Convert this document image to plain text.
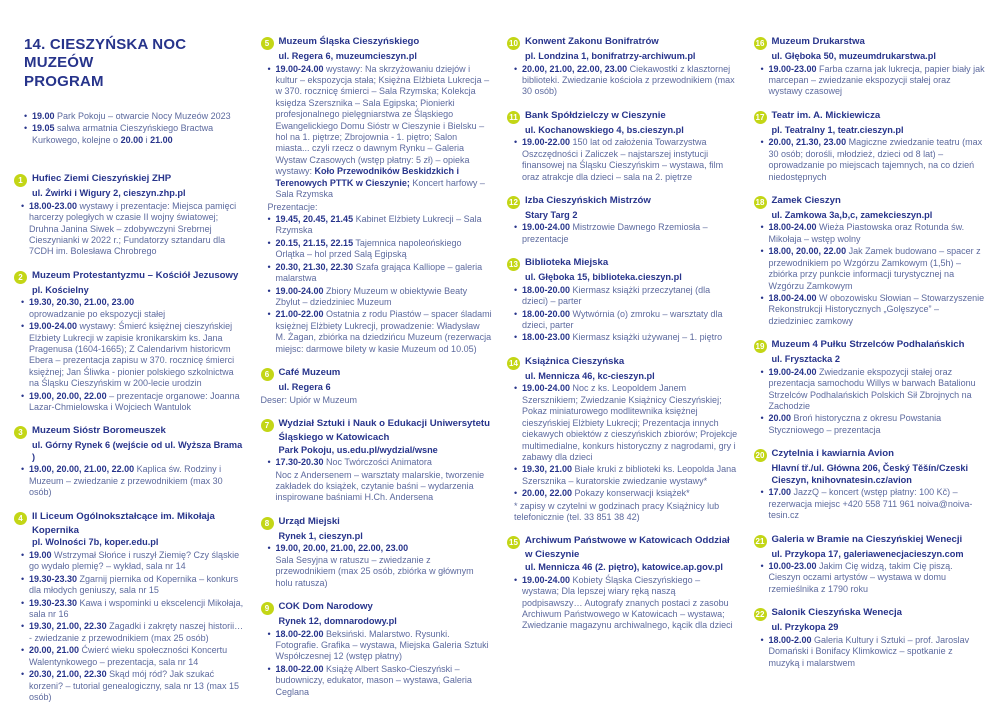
14. CIESZYŃSKA NOC MUZEÓW
PROGRAM
• 19.00 Park Pokoju – otwarcie Nocy Muzeów 2023
• 19.05 salwa armatnia Cieszyńskiego Bractwa Kurkowego, kolejne o 20.00 i 21.00
1 Hufiec Ziemi Cieszyńskiej ZHP
ul. Żwirki i Wigury 2, cieszyn.zhp.pl
• 18.00-23.00 wystawy i prezentacje: Miejsca pamięci harcerzy poległych w czasie II wojny światowej; Druhna Janina Siwek – zdobywczyni Srebrnej Cieszynianki w 2022 r.; Fundatorzy sztandaru dla 7CDH im. Bolesława Chrobrego
2 Muzeum Protestantyzmu – Kościół Jezusowy
pl. Kościelny
• 19.30, 20.30, 21.00, 23.00
oprowadzanie po ekspozycji stałej
• 19.00-24.00 wystawy: Śmierć księżnej cieszyńskiej Elżbiety Lukrecji w zapisie kronikarskim ks. Jana Pragenusa (1604-1665); Z Calendarivm historicvm Ebera – prezentacja zapisu w 370. rocznicę śmierci księżnej; Jan Śliwka - pionier polskiego szkolnictwa na Śląsku Cieszyńskim w 200-lecie urodzin
• 19.00, 20.00, 22.00 – prezentacje organowe: Joanna Lazar-Chmielowska i Wojciech Wantulok
3 Muzeum Sióstr Boromeuszek
ul. Górny Rynek 6 (wejście od ul. Wyższa Brama )
• 19.00, 20.00, 21.00, 22.00 Kaplica św. Rodziny i Muzeum – zwiedzanie z przewodnikiem (max 30 osób)
4 II Liceum Ogólnokształcące im. Mikołaja Kopernika
pl. Wolności 7b, koper.edu.pl
• 19.00 Wstrzymał Słońce i ruszył Ziemię? Czy śląskie go wydało plemię? – wykład, sala nr 14
• 19.30-23.30 Zgarnij piernika od Kopernika – konkurs dla młodych geniuszy, sala nr 15
• 19.30-23.30 Kawa i wspominki u ekscelencji Mikołaja, sala nr 16
• 19.30, 21.00, 22.30 Zagadki i zakręty naszej historii… - zwiedzanie z przewodnikiem (max 25 osób)
• 20.00, 21.00 Ćwierć wieku społeczności Koncertu Walentynkowego – prezentacja, sala nr 14
• 20.30, 21.00, 22.30 Skąd mój ród? Jak szukać korzeni? – tutorial genealogiczny, sala nr 13 (max 15 osób)
5 Muzeum Śląska Cieszyńskiego
ul. Regera 6, muzeumcieszyn.pl
• 19.00-24.00 wystawy: Na skrzyżowaniu dziejów i kultur – ekspozycja stała; Księżna Elżbieta Lukrecja – w 370. rocznicę śmierci – Sala Rzymska; Kolekcja księdza Szersznika – Sala Egipska; Pionierki profesjonalnego pielęgniarstwa ze Śląskiego Ewangelickiego Domu Sióstr w Cieszynie i Bielsku – hol na 1. piętrze; Zbrojownia - 1. piętro; Salon miasta... czyli rzecz o dawnym Rynku – Galeria Wystaw Czasowych (wstęp płatny: 5 zł) – opieka wystawy: Koło Przewodników Beskidzkich i Terenowych PTTK w Cieszynie; Koncert harfowy – Sala Rzymska
Prezentacje:
• 19.45, 20.45, 21.45 Kabinet Elżbiety Lukrecji – Sala Rzymska
• 20.15, 21.15, 22.15 Tajemnica napoleońskiego Orlątka – hol przed Salą Egipską
• 20.30, 21.30, 22.30 Szafa grająca Kalliope – galeria malarstwa
• 19.00-24.00 Zbiory Muzeum w obiektywie Beaty Zbylut – dziedziniec Muzeum
• 21.00-22.00 Ostatnia z rodu Piastów – spacer śladami księżnej Elżbiety Lukrecji, prowadzenie: Władysław M. Żagan, zbiórka na dziedzińcu Muzeum (rezerwacja miejsc: darmowe bilety w kasie Muzeum od 10.05)
6 Café Muzeum
ul. Regera 6
Deser: Upiór w Muzeum
7 Wydział Sztuki i Nauk o Edukacji Uniwersytetu Śląskiego w Katowicach
Park Pokoju, us.edu.pl/wydzial/wsne
• 17.30-20.30 Noc Twórczości Animatora
Noc z Andersenem – warsztaty malarskie, tworzenie zakładek do książek, czytanie baśni – wydarzenia inspirowane baśniami H.Ch. Andersena
8 Urząd Miejski
Rynek 1, cieszyn.pl
• 19.00, 20.00, 21.00, 22.00, 23.00
Sala Sesyjna w ratuszu – zwiedzanie z przewodnikiem (max 25 osób, zbiórka w głównym holu ratusza)
9 COK Dom Narodowy
Rynek 12, domnarodowy.pl
• 18.00-22.00 Beksiński. Malarstwo. Rysunki. Fotografie. Grafika – wystawa, Miejska Galeria Sztuki Współczesnej 12 (wstęp płatny)
• 18.00-22.00 Książę Albert Sasko-Cieszyński – budowniczy, edukator, mason – wystawa, Galeria Ceglana
10 Konwent Zakonu Bonifratrów
pl. Londzina 1, bonifratrzy-archiwum.pl
• 20.00, 21.00, 22.00, 23.00 Ciekawostki z klasztornej biblioteki. Zwiedzanie kościoła z przewodnikiem (max 30 osób)
11 Bank Spółdzielczy w Cieszynie
ul. Kochanowskiego 4, bs.cieszyn.pl
• 19.00-22.00 150 lat od założenia Towarzystwa Oszczędności i Zaliczek – najstarszej instytucji finansowej na Śląsku Cieszyńskim – wystawa, film oraz atrakcje dla dzieci – sala na 2. piętrze
12 Izba Cieszyńskich Mistrzów
Stary Targ 2
• 19.00-24.00 Mistrzowie Dawnego Rzemiosła – prezentacje
13 Biblioteka Miejska
ul. Głęboka 15, biblioteka.cieszyn.pl
• 18.00-20.00 Kiermasz książki przeczytanej (dla dzieci) – parter
• 18.00-20.00 Wytwórnia (o) zmroku – warsztaty dla dzieci, parter
• 18.00-23.00 Kiermasz książki używanej – 1. piętro
14 Książnica Cieszyńska
ul. Mennicza 46, kc-cieszyn.pl
• 19.00-24.00 Noc z ks. Leopoldem Janem Szersznikiem; Zwiedzanie Książnicy Cieszyńskiej; Pokaz miniaturowego modlitewnika księżnej cieszyńskiej Elżbiety Lukrecji; Prezentacja innych ciekawych obiektów z cieszyńskich zbiorów; Projekcje multimedialne, konkurs historyczny z nagrodami, gry i zabawy dla dzieci
• 19.30, 21.00 Białe kruki z biblioteki ks. Leopolda Jana Szersznika – kuratorskie zwiedzanie wystawy*
• 20.00, 22.00 Pokazy konserwacji książek*
* zapisy w czytelni w godzinach pracy Książnicy lub telefonicznie (tel. 33 851 38 42)
15 Archiwum Państwowe w Katowicach Oddział w Cieszynie
ul. Mennicza 46 (2. piętro), katowice.ap.gov.pl
• 19.00-24.00 Kobiety Śląska Cieszyńskiego – wystawa; Dla lepszej wiary ręką naszą podpisawszy… Autografy znanych postaci z zasobu Archiwum Państwowego w Katowicach – wystawa; Zwiedzanie magazynu archiwalnego, kącik dla dzieci
16 Muzeum Drukarstwa
ul. Głęboka 50, muzeumdrukarstwa.pl
• 19.00-23.00 Farba czarna jak lukrecja, papier biały jak marcepan – zwiedzanie ekspozycji stałej oraz wystawy czasowej
17 Teatr im. A. Mickiewicza
pl. Teatralny 1, teatr.cieszyn.pl
• 20.00, 21.30, 23.00 Magiczne zwiedzanie teatru (max 30 osób; dorośli, młodzież, dzieci od 8 lat) – oprowadzanie po miejscach tajemnych, na co dzień niedostępnych
18 Zamek Cieszyn
ul. Zamkowa 3a,b,c, zamekcieszyn.pl
• 18.00-24.00 Wieża Piastowska oraz Rotunda św. Mikołaja – wstęp wolny
• 18.00, 20.00, 22.00 Jak Zamek budowano – spacer z przewodnikiem po Wzgórzu Zamkowym (1,5h) – zbiórka przy punkcie informacji turystycznej na Wzgórzu Zamkowym
• 18.00-24.00 W obozowisku Słowian – Stowarzyszenie Rekonstrukcji Historycznych „Golęszyce” – dziedziniec zamkowy
19 Muzeum 4 Pułku Strzelców Podhalańskich
ul. Frysztacka 2
• 19.00-24.00 Zwiedzanie ekspozycji stałej oraz prezentacja samochodu Willys w barwach Batalionu Strzelców Podhalańskich Polskich Sił Zbrojnych na Zachodzie
• 20.00 Broń historyczna z okresu Powstania Styczniowego – prezentacja
20 Czytelnia i kawiarnia Avion
Hlavní tř./ul. Główna 206, Český Těšín/Czeski Cieszyn, knihovnatesin.cz/avion
• 17.00 JazzQ – koncert (wstęp płatny: 100 Kč) – rezerwacja miejsc +420 558 711 961 noiva@noiva-tesin.cz
21 Galeria w Bramie na Cieszyńskiej Wenecji
ul. Przykopa 17, galeriawenecjacieszyn.com
• 10.00-23.00 Jakim Cię widzą, takim Cię piszą. Cieszyn oczami artystów – wystawa w domu rzemieślnika z 1790 roku
22 Salonik Cieszyńska Wenecja
ul. Przykopa 29
• 18.00-2.00 Galeria Kultury i Sztuki – prof. Jaroslav Domański i Bonifacy Klimkowicz – spotkanie z muzyką i malarstwem
